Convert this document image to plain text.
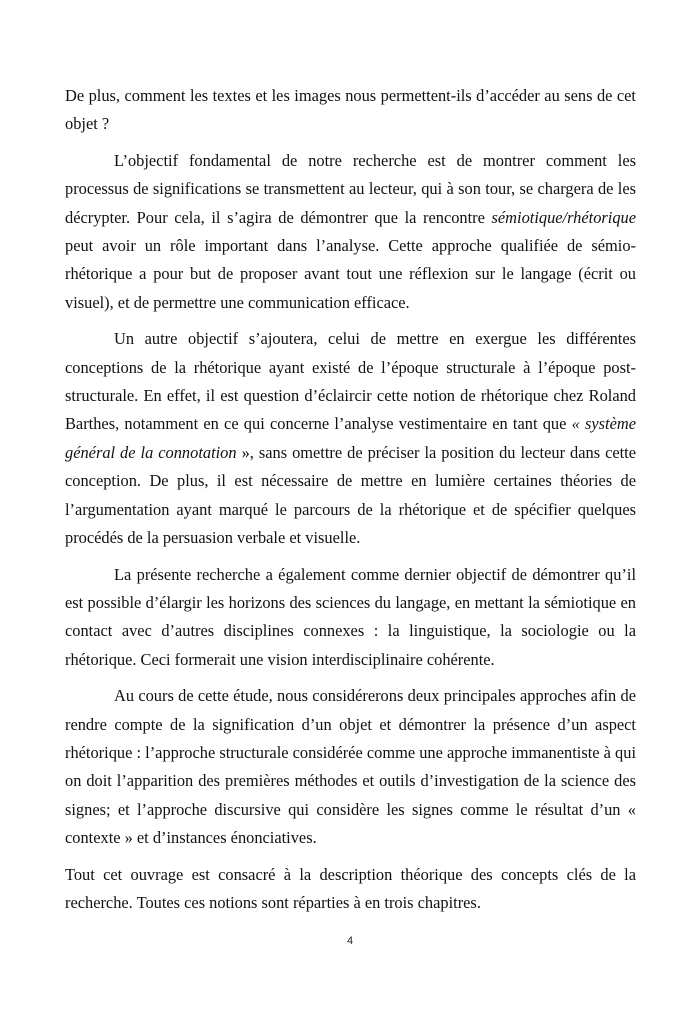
De plus, comment les textes et les images nous permettent-ils d’accéder au sens de cet objet ?

L’objectif fondamental de notre recherche est de montrer comment les processus de significations se transmettent au lecteur, qui à son tour, se chargera de les décrypter. Pour cela, il s’agira de démontrer que la rencontre sémiotique/rhétorique peut avoir un rôle important dans l’analyse. Cette approche qualifiée de sémio-rhétorique a pour but de proposer avant tout une réflexion sur le langage (écrit ou visuel), et de permettre une communication efficace.

Un autre objectif s’ajoutera, celui de mettre en exergue les différentes conceptions de la rhétorique ayant existé de l’époque structurale à l’époque post-structurale. En effet, il est question d’éclaircir cette notion de rhétorique chez Roland Barthes, notamment en ce qui concerne l’analyse vestimentaire en tant que « système général de la connotation », sans omettre de préciser la position du lecteur dans cette conception. De plus, il est nécessaire de mettre en lumière certaines théories de l’argumentation ayant marqué le parcours de la rhétorique et de spécifier quelques procédés de la persuasion verbale et visuelle.

La présente recherche a également comme dernier objectif de démontrer qu’il est possible d’élargir les horizons des sciences du langage, en mettant la sémiotique en contact avec d’autres disciplines connexes : la linguistique, la sociologie ou la rhétorique. Ceci formerait une vision interdisciplinaire cohérente.

Au cours de cette étude, nous considérerons deux principales approches afin de rendre compte de la signification d’un objet et démontrer la présence d’un aspect rhétorique : l’approche structurale considérée comme une approche immanentiste à qui on doit l’apparition des premières méthodes et outils d’investigation de la science des signes; et l’approche discursive qui considère les signes comme le résultat d’un « contexte » et d’instances énonciatives.

Tout cet ouvrage est consacré à la description théorique des concepts clés de la recherche. Toutes ces notions sont réparties à en trois chapitres.

4
